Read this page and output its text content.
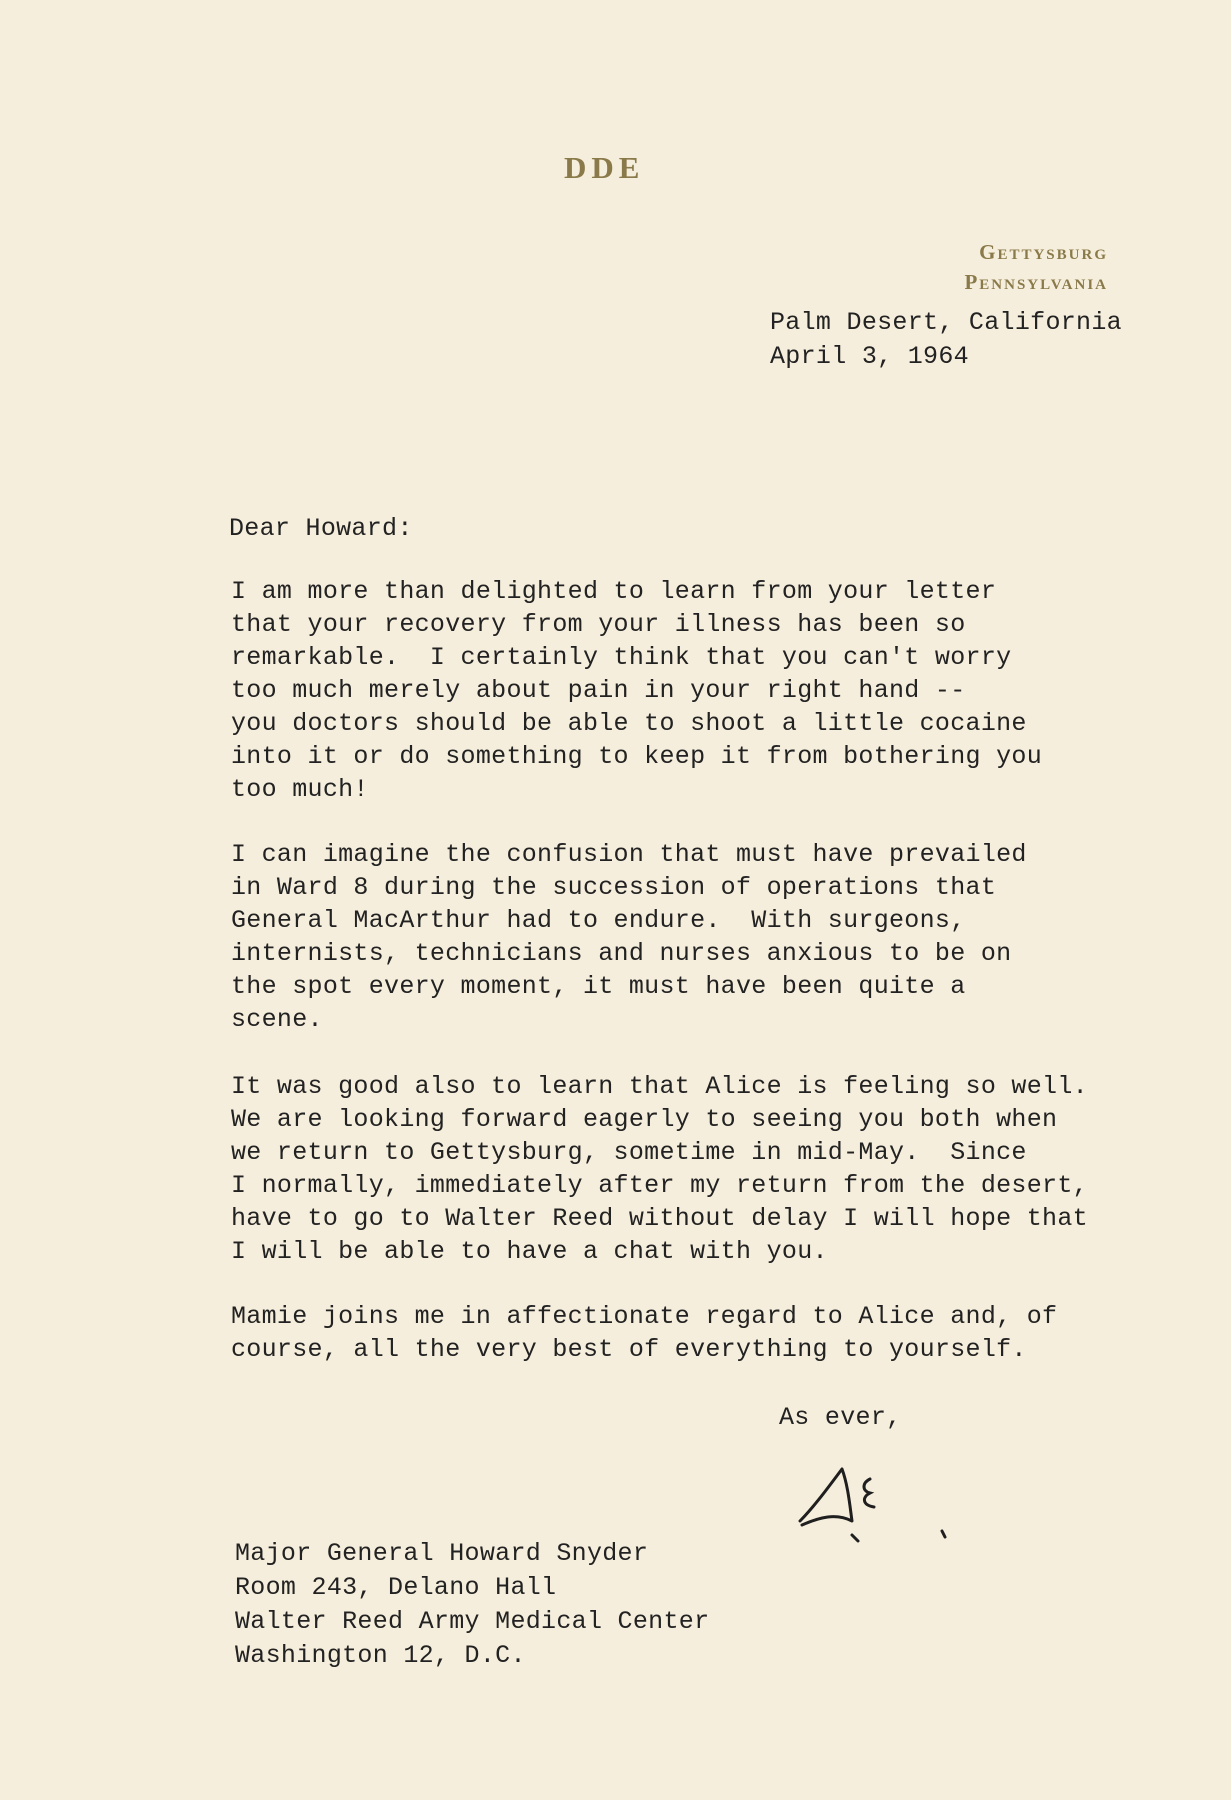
DDE
Gettysburg
Pennsylvania
Palm Desert, California
April 3, 1964
Dear Howard:
I am more than delighted to learn from your letter
that your recovery from your illness has been so
remarkable.  I certainly think that you can't worry
too much merely about pain in your right hand --
you doctors should be able to shoot a little cocaine
into it or do something to keep it from bothering you
too much!
I can imagine the confusion that must have prevailed
in Ward 8 during the succession of operations that
General MacArthur had to endure.  With surgeons,
internists, technicians and nurses anxious to be on
the spot every moment, it must have been quite a
scene.
It was good also to learn that Alice is feeling so well.
We are looking forward eagerly to seeing you both when
we return to Gettysburg, sometime in mid-May.  Since
I normally, immediately after my return from the desert,
have to go to Walter Reed without delay I will hope that
I will be able to have a chat with you.
Mamie joins me in affectionate regard to Alice and, of
course, all the very best of everything to yourself.
As ever,
Major General Howard Snyder
Room 243, Delano Hall
Walter Reed Army Medical Center
Washington 12, D.C.
